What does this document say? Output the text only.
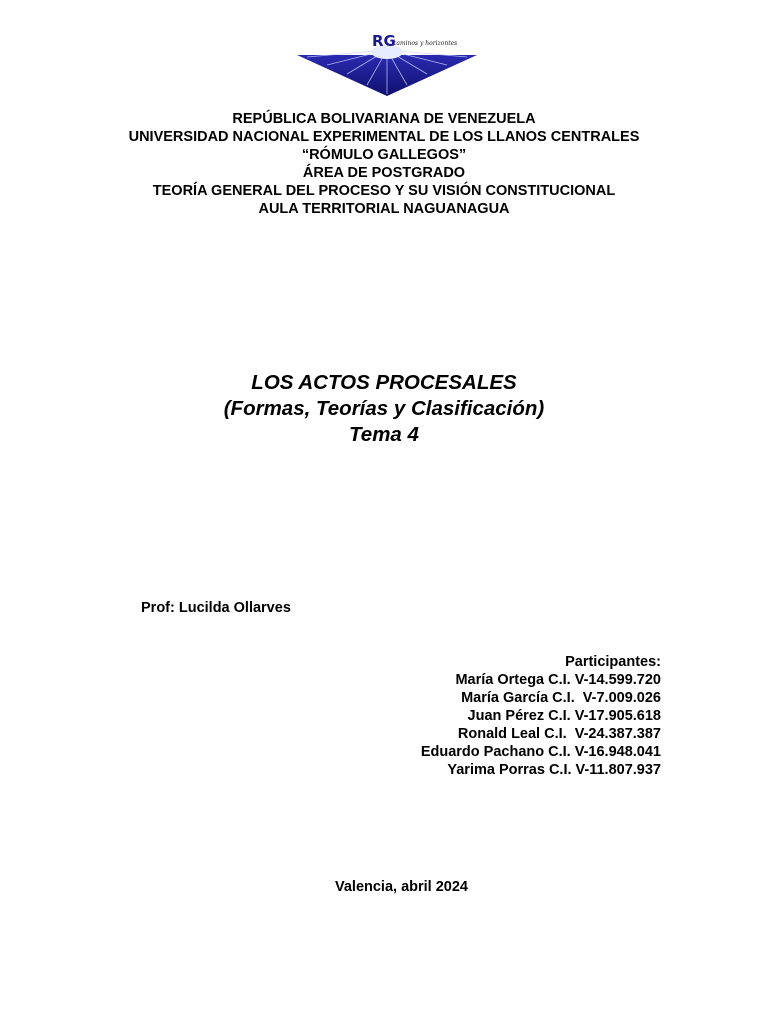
RG
caminos y horizontes
REPÚBLICA BOLIVARIANA DE VENEZUELA
UNIVERSIDAD NACIONAL EXPERIMENTAL DE LOS LLANOS CENTRALES
“RÓMULO GALLEGOS”
ÁREA DE POSTGRADO
TEORÍA GENERAL DEL PROCESO Y SU VISIÓN CONSTITUCIONAL
AULA TERRITORIAL NAGUANAGUA
LOS ACTOS PROCESALES
(Formas, Teorías y Clasificación)
Tema 4
Prof: Lucilda Ollarves
Participantes:
María Ortega C.I. V-14.599.720
María García C.I.  V-7.009.026
Juan Pérez C.I. V-17.905.618
Ronald Leal C.I.  V-24.387.387
Eduardo Pachano C.I. V-16.948.041
Yarima Porras C.I. V-11.807.937
Valencia, abril 2024
